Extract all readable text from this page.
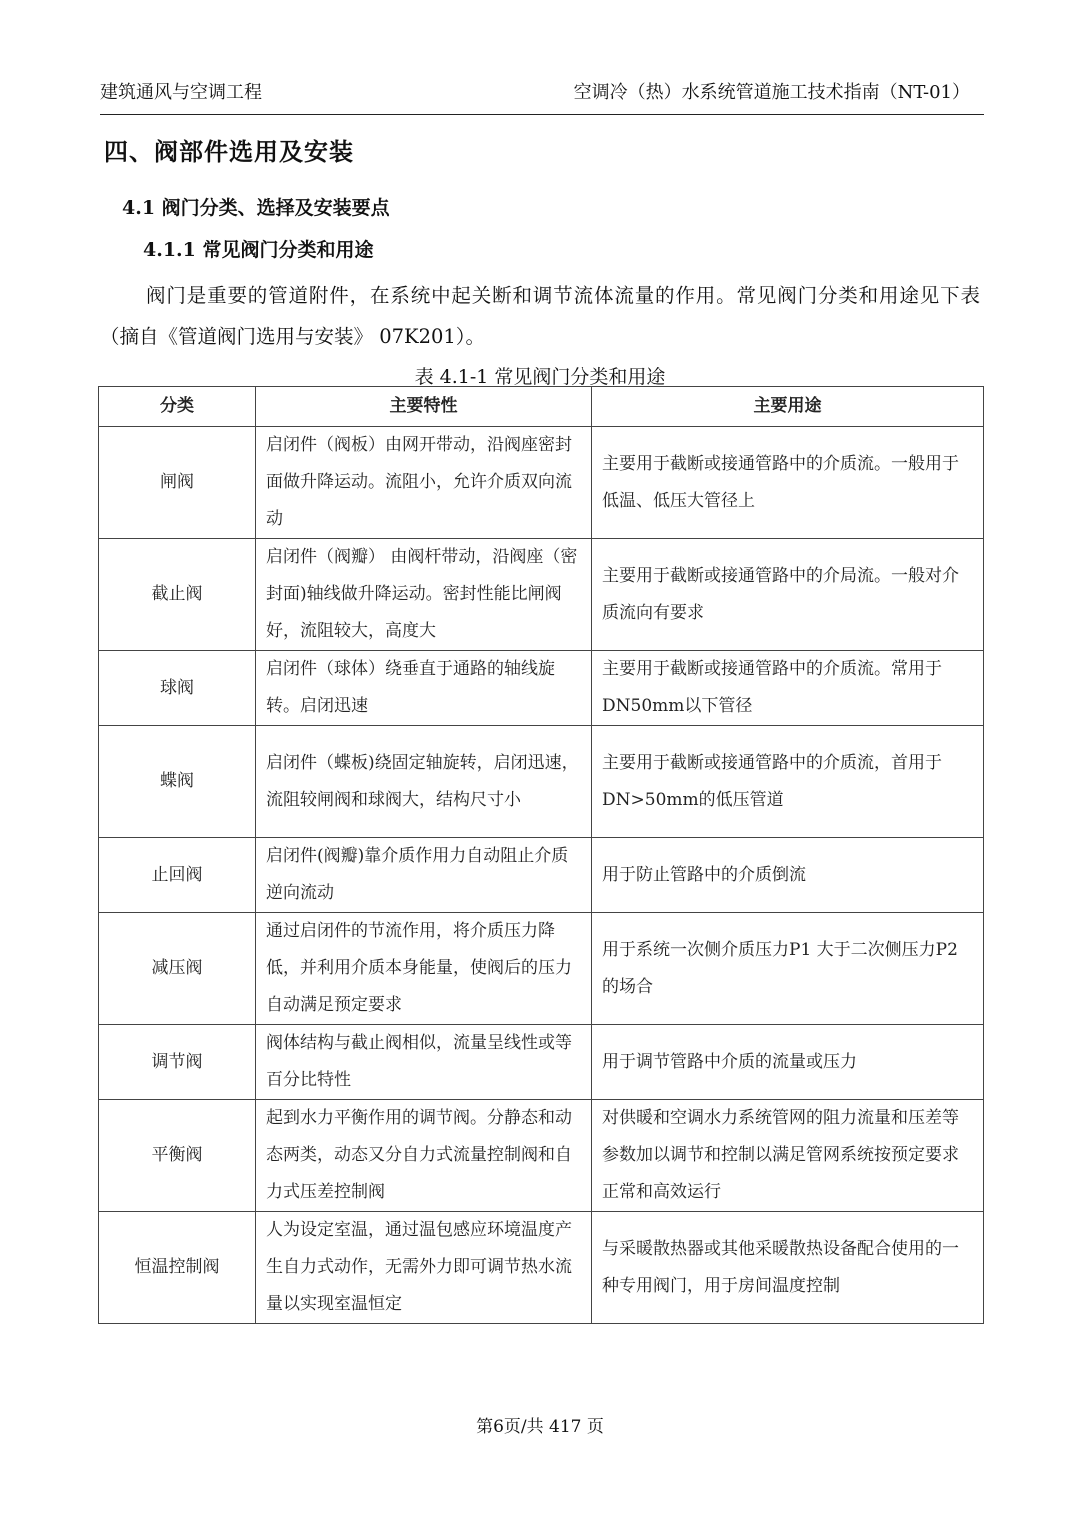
建筑通风与空调工程	空调冷（热）水系统管道施工技术指南（NT-01）
四、阀部件选用及安装
4.1 阀门分类、选择及安装要点
4.1.1 常见阀门分类和用途
阀门是重要的管道附件，在系统中起关断和调节流体流量的作用。常见阀门分类和用途见下表（摘自《管道阀门选用与安装》 07K201）。
表 4.1-1 常见阀门分类和用途
分类	主要特性	主要用途
闸阀	启闭件（阀板）由网开带动，沿阀座密封面做升降运动。流阻小，允许介质双向流动	主要用于截断或接通管路中的介质流。一般用于低温、低压大管径上
截止阀	启闭件（阀瓣） 由阀杆带动，沿阀座（密封面)轴线做升降运动。密封性能比闸阀好，流阻较大，高度大	主要用于截断或接通管路中的介局流。一般对介质流向有要求
球阀	启闭件（球体）绕垂直于通路的轴线旋转。启闭迅速	主要用于截断或接通管路中的介质流。常用于DN50mm以下管径
蝶阀	启闭件（蝶板)绕固定轴旋转，启闭迅速，流阻较闸阀和球阀大，结构尺寸小	主要用于截断或接通管路中的介质流，首用于DN>50mm的低压管道
止回阀	启闭件(阀瓣)靠介质作用力自动阻止介质逆向流动	用于防止管路中的介质倒流
减压阀	通过启闭件的节流作用，将介质压力降低，并利用介质本身能量，使阀后的压力自动满足预定要求	用于系统一次侧介质压力P1 大于二次侧压力P2 的场合
调节阀	阀体结构与截止阀相似，流量呈线性或等百分比特性	用于调节管路中介质的流量或压力
平衡阀	起到水力平衡作用的调节阀。分静态和动态两类，动态又分自力式流量控制阀和自力式压差控制阀	对供暖和空调水力系统管网的阻力流量和压差等参数加以调节和控制以满足管网系统按预定要求正常和高效运行
恒温控制阀	人为设定室温，通过温包感应环境温度产生自力式动作，无需外力即可调节热水流量以实现室温恒定	与采暖散热器或其他采暖散热设备配合使用的一种专用阀门，用于房间温度控制
第6页/共 417 页
